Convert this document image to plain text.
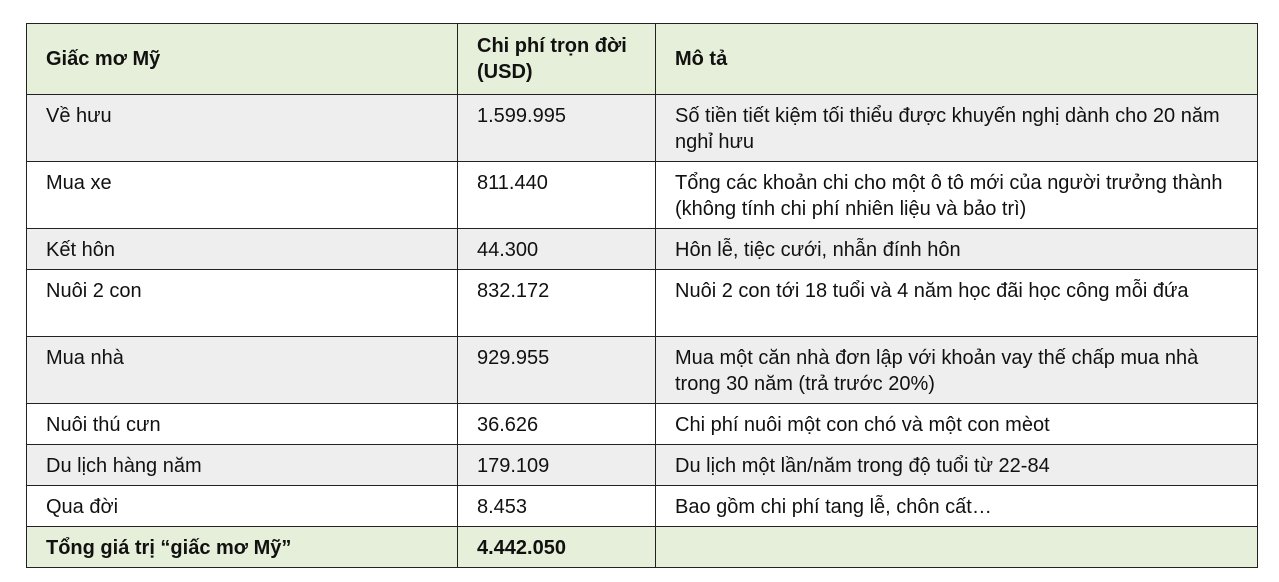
Giấc mơ Mỹ	Chi phí trọn đời (USD)	Mô tả
Về hưu	1.599.995	Số tiền tiết kiệm tối thiểu được khuyến nghị dành cho 20 năm nghỉ hưu
Mua xe	811.440	Tổng các khoản chi cho một ô tô mới của người trưởng thành (không tính chi phí nhiên liệu và bảo trì)
Kết hôn	44.300	Hôn lễ, tiệc cưới, nhẫn đính hôn
Nuôi 2 con	832.172	Nuôi 2 con tới 18 tuổi và 4 năm học đãi học công mỗi đứa
Mua nhà	929.955	Mua một căn nhà đơn lập với khoản vay thế chấp mua nhà trong 30 năm (trả trước 20%)
Nuôi thú cưn	36.626	Chi phí nuôi một con chó và một con mèot
Du lịch hàng năm	179.109	Du lịch một lần/năm trong độ tuổi từ 22-84
Qua đời	8.453	Bao gồm chi phí tang lễ, chôn cất…
Tổng giá trị “giấc mơ Mỹ”	4.442.050	
